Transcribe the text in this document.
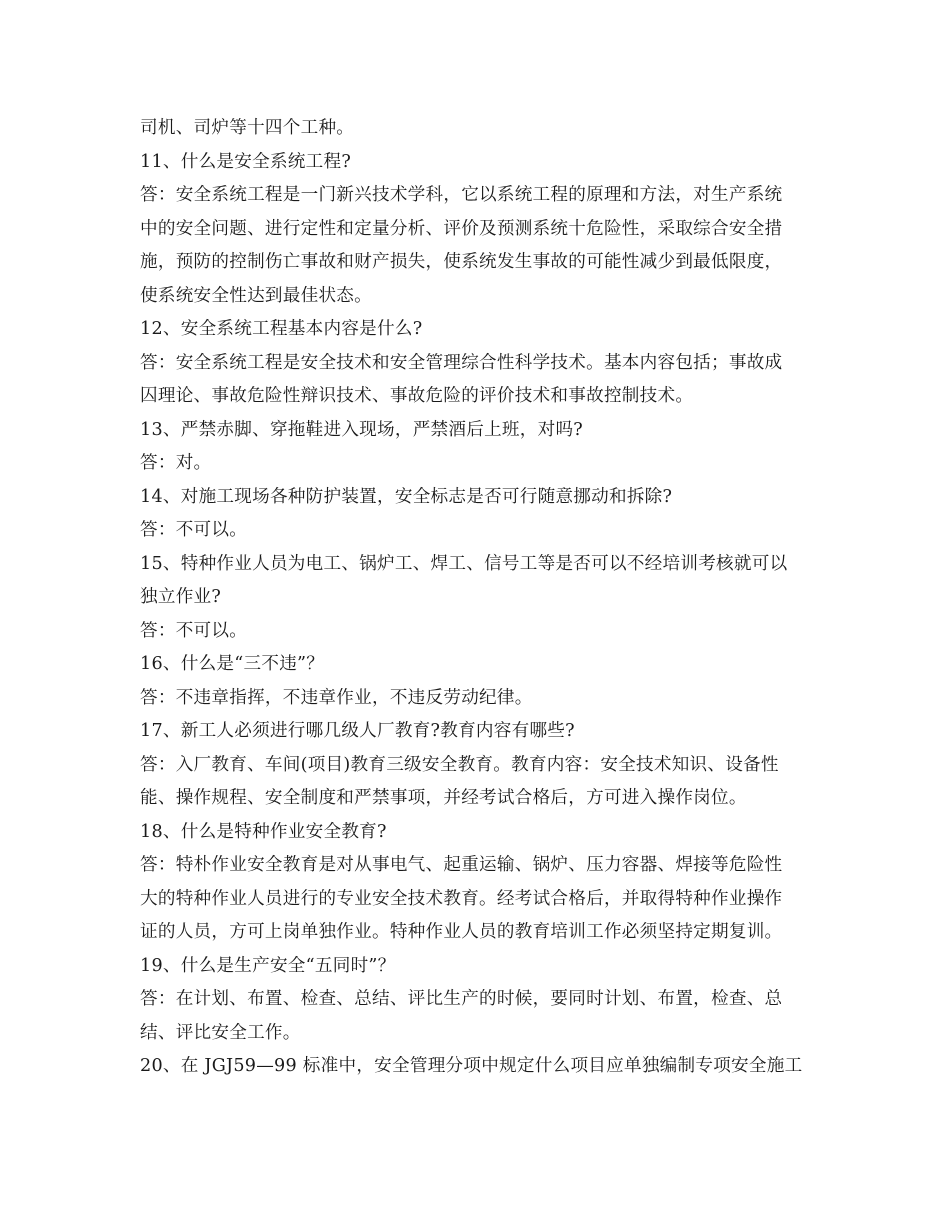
司机、司炉等十四个工种。
11、什么是安全系统工程?
答：安全系统工程是一门新兴技术学科，它以系统工程的原理和方法，对生产系统
中的安全问题、进行定性和定量分析、评价及预测系统十危险性，采取综合安全措
施，预防的控制伤亡事故和财产损失，使系统发生事故的可能性减少到最低限度，
使系统安全性达到最佳状态。
12、安全系统工程基本内容是什么?
答：安全系统工程是安全技术和安全管理综合性科学技术。基本内容包括；事故成
囚理论、事故危险性辩识技术、事故危险的评价技术和事故控制技术。
13、严禁赤脚、穿拖鞋进入现场，严禁酒后上班，对吗?
答：对。
14、对施工现场各种防护装置，安全标志是否可行随意挪动和拆除?
答：不可以。
15、特种作业人员为电工、锅炉工、焊工、信号工等是否可以不经培训考核就可以
独立作业?
答：不可以。
16、什么是“三不违”？
答：不违章指挥，不违章作业，不违反劳动纪律。
17、新工人必须进行哪几级人厂教育?教育内容有哪些?
答：入厂教育、车间(项目)教育三级安全教育。教育内容：安全技术知识、设备性
能、操作规程、安全制度和严禁事项，并经考试合格后，方可进入操作岗位。
18、什么是特种作业安全教育?
答：特朴作业安全教育是对从事电气、起重运输、锅炉、压力容器、焊接等危险性
大的特种作业人员进行的专业安全技术教育。经考试合格后，并取得特种作业操作
证的人员，方可上岗单独作业。特种作业人员的教育培训工作必须坚持定期复训。
19、什么是生产安全“五同时”？
答：在计划、布置、检查、总结、评比生产的时候，要同时计划、布置，检查、总
结、评比安全工作。
20、在 JGJ59—99 标准中，安全管理分项中规定什么项目应单独编制专项安全施工
